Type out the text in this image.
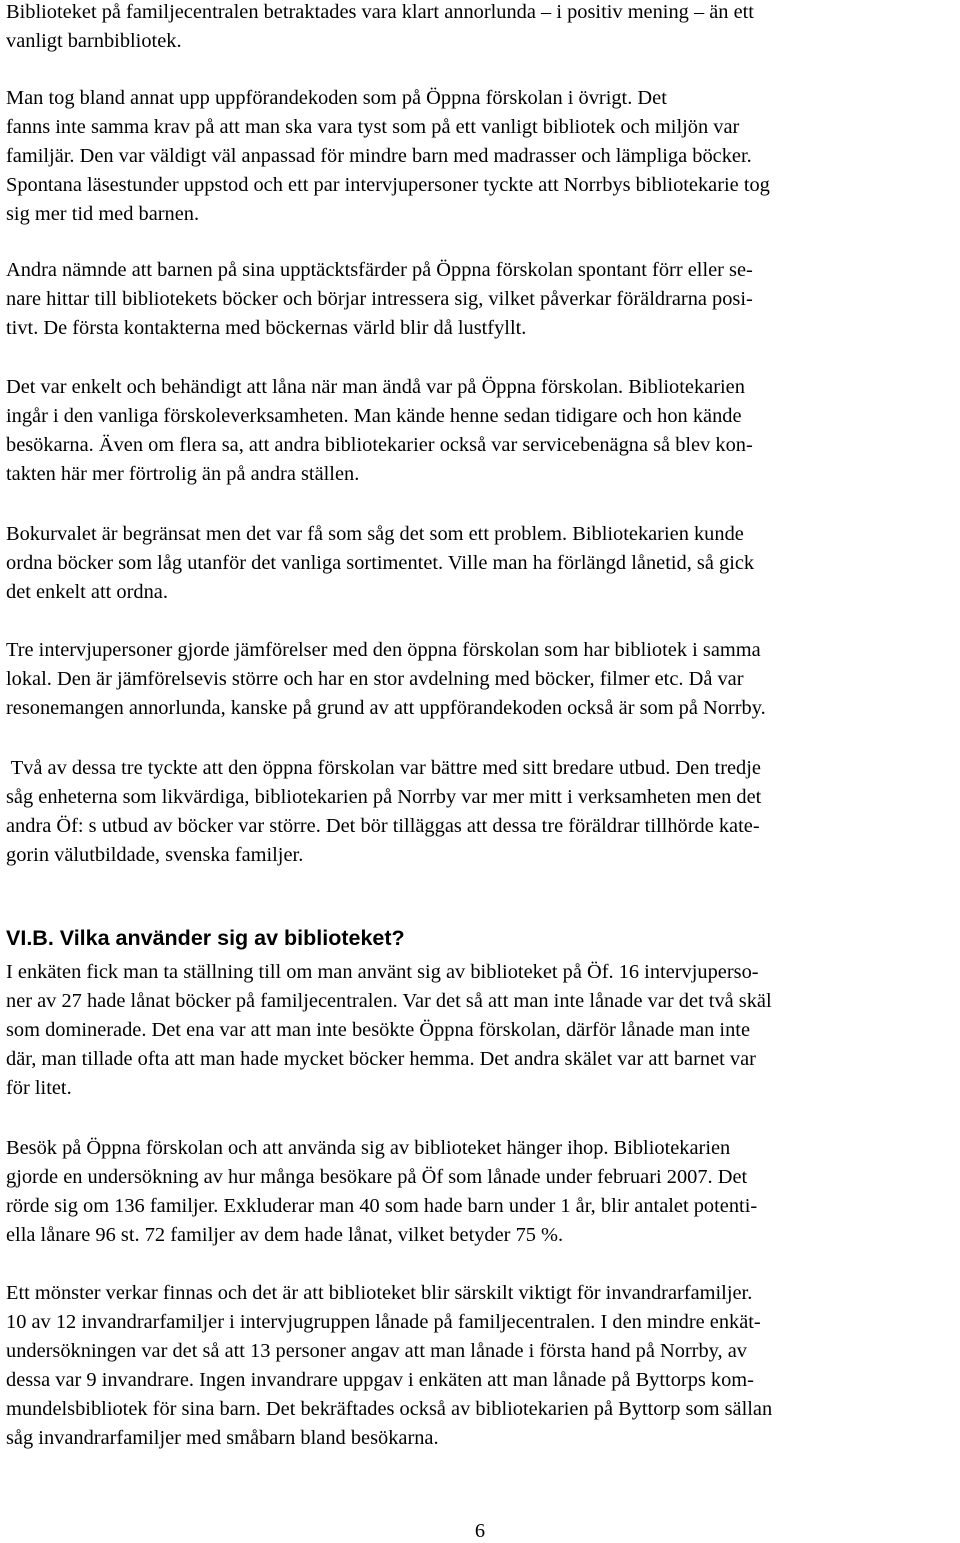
Biblioteket på familjecentralen betraktades vara klart annorlunda – i positiv mening – än ett
vanligt barnbibliotek.
Man tog bland annat upp uppförandekoden som på Öppna förskolan i övrigt. Det
fanns inte samma krav på att man ska vara tyst som på ett vanligt bibliotek och miljön var
familjär. Den var väldigt väl anpassad för mindre barn med madrasser och lämpliga böcker.
Spontana läsestunder uppstod och ett par intervjupersoner tyckte att Norrbys bibliotekarie tog
sig mer tid med barnen.
Andra nämnde att barnen på sina upptäcktsfärder på Öppna förskolan spontant förr eller se-
nare hittar till bibliotekets böcker och börjar intressera sig, vilket påverkar föräldrarna posi-
tivt. De första kontakterna med böckernas värld blir då lustfyllt.
Det var enkelt och behändigt att låna när man ändå var på Öppna förskolan. Bibliotekarien
ingår i den vanliga förskoleverksamheten. Man kände henne sedan tidigare och hon kände
besökarna. Även om flera sa, att andra bibliotekarier också var servicebenägna så blev kon-
takten här mer förtrolig än på andra ställen.
Bokurvalet är begränsat men det var få som såg det som ett problem. Bibliotekarien kunde
ordna böcker som låg utanför det vanliga sortimentet. Ville man ha förlängd lånetid, så gick
det enkelt att ordna.
Tre intervjupersoner gjorde jämförelser med den öppna förskolan som har bibliotek i samma
lokal. Den är jämförelsevis större och har en stor avdelning med böcker, filmer etc. Då var
resonemangen annorlunda, kanske på grund av att uppförandekoden också är som på Norrby.
Två av dessa tre tyckte att den öppna förskolan var bättre med sitt bredare utbud. Den tredje
såg enheterna som likvärdiga, bibliotekarien på Norrby var mer mitt i verksamheten men det
andra Öf: s utbud av böcker var större. Det bör tilläggas att dessa tre föräldrar tillhörde kate-
gorin välutbildade, svenska familjer.
VI.B. Vilka använder sig av biblioteket?
I enkäten fick man ta ställning till om man använt sig av biblioteket på Öf. 16 intervjuperso-
ner av 27 hade lånat böcker på familjecentralen. Var det så att man inte lånade var det två skäl
som dominerade. Det ena var att man inte besökte Öppna förskolan, därför lånade man inte
där, man tillade ofta att man hade mycket böcker hemma. Det andra skälet var att barnet var
för litet.
Besök på Öppna förskolan och att använda sig av biblioteket hänger ihop. Bibliotekarien
gjorde en undersökning av hur många besökare på Öf som lånade under februari 2007. Det
rörde sig om 136 familjer. Exkluderar man 40 som hade barn under 1 år, blir antalet potenti-
ella lånare 96 st. 72 familjer av dem hade lånat, vilket betyder 75 %.
Ett mönster verkar finnas och det är att biblioteket blir särskilt viktigt för invandrarfamiljer.
10 av 12 invandrarfamiljer i intervjugruppen lånade på familjecentralen. I den mindre enkät-
undersökningen var det så att 13 personer angav att man lånade i första hand på Norrby, av
dessa var 9 invandrare. Ingen invandrare uppgav i enkäten att man lånade på Byttorps kom-
mundelsbibliotek för sina barn. Det bekräftades också av bibliotekarien på Byttorp som sällan
såg invandrarfamiljer med småbarn bland besökarna.
6
